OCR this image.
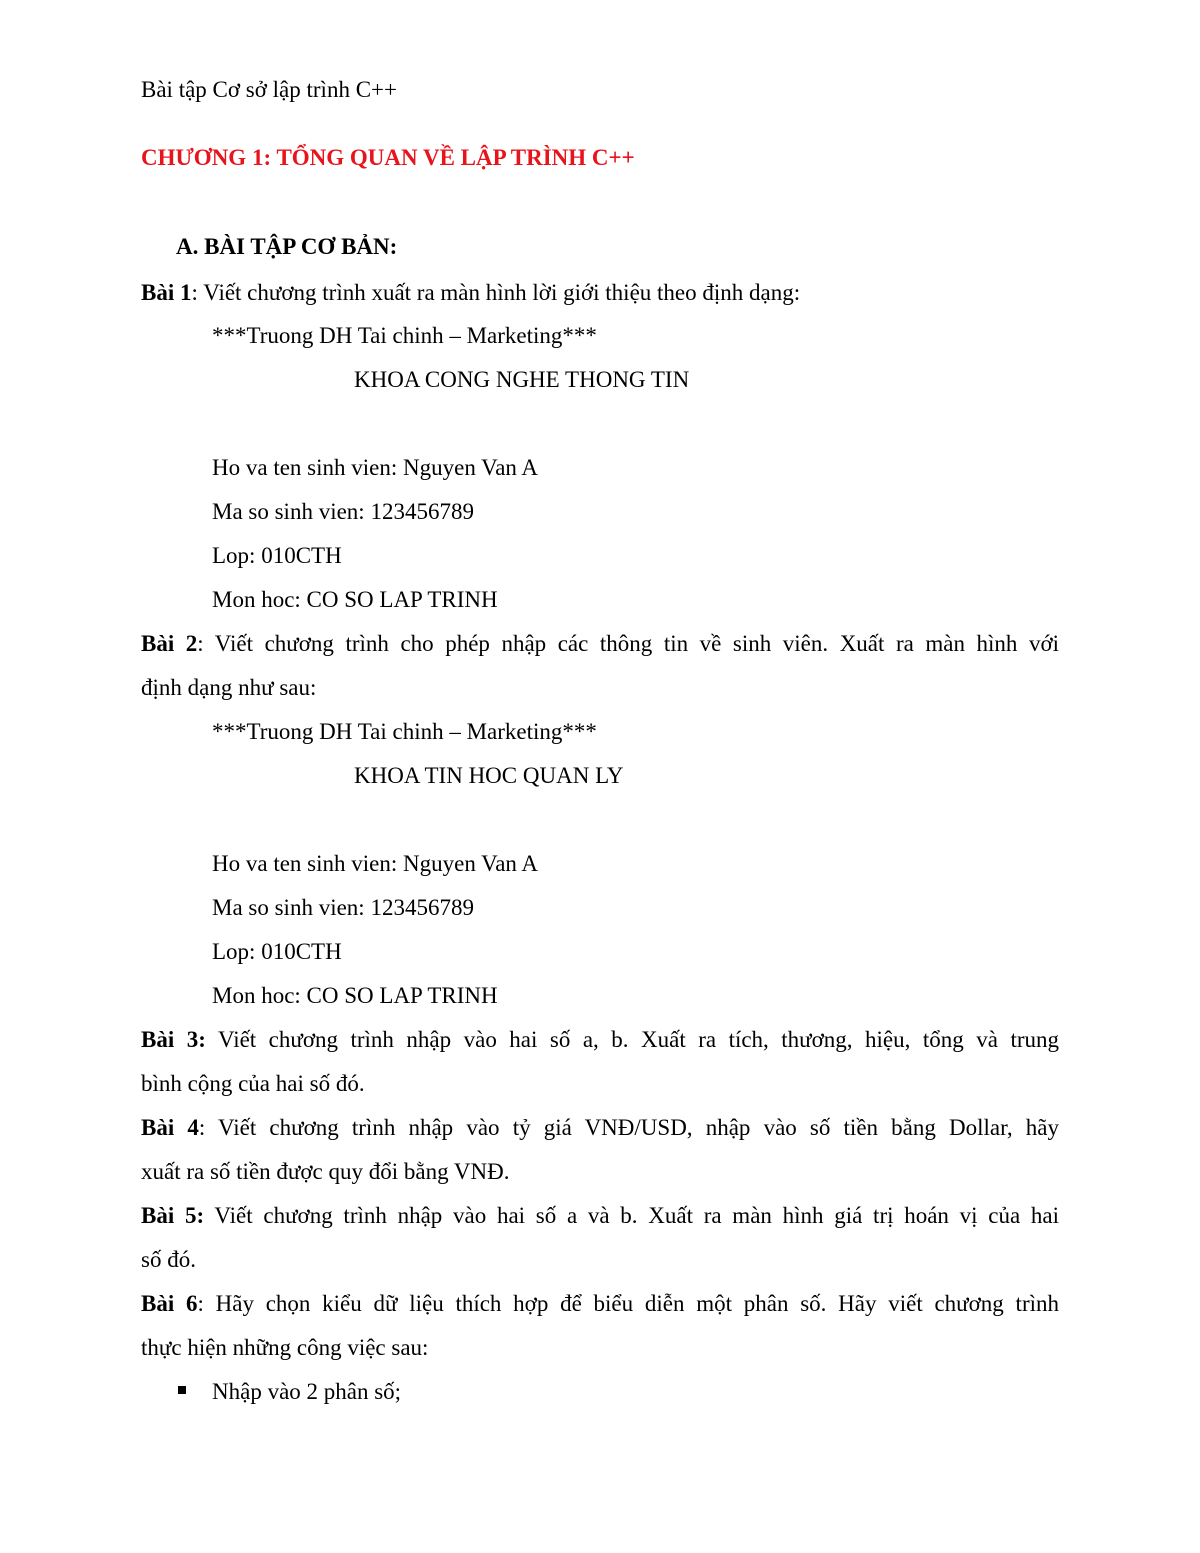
Bài tập Cơ sở lập trình C++
CHƯƠNG 1: TỔNG QUAN VỀ LẬP TRÌNH C++
A. BÀI TẬP CƠ BẢN:
Bài 1: Viết chương trình xuất ra màn hình lời giới thiệu theo định dạng:
***Truong DH Tai chinh – Marketing***
KHOA CONG NGHE THONG TIN
Ho va ten sinh vien: Nguyen Van A
Ma so sinh vien: 123456789
Lop: 010CTH
Mon hoc: CO SO LAP TRINH
Bài 2: Viết chương trình cho phép nhập các thông tin về sinh viên. Xuất ra màn hình với
định dạng như sau:
***Truong DH Tai chinh – Marketing***
KHOA TIN HOC QUAN LY
Ho va ten sinh vien: Nguyen Van A
Ma so sinh vien: 123456789
Lop: 010CTH
Mon hoc: CO SO LAP TRINH
Bài 3: Viết chương trình nhập vào hai số a, b. Xuất ra tích, thương, hiệu, tổng và trung
bình cộng của hai số đó.
Bài 4: Viết chương trình nhập vào tỷ giá VNĐ/USD, nhập vào số tiền bằng Dollar, hãy
xuất ra số tiền được quy đổi bằng VNĐ.
Bài 5: Viết chương trình nhập vào hai số a và b. Xuất ra màn hình giá trị hoán vị của hai
số đó.
Bài 6: Hãy chọn kiểu dữ liệu thích hợp để biểu diễn một phân số. Hãy viết chương trình
thực hiện những công việc sau:
Nhập vào 2 phân số;
